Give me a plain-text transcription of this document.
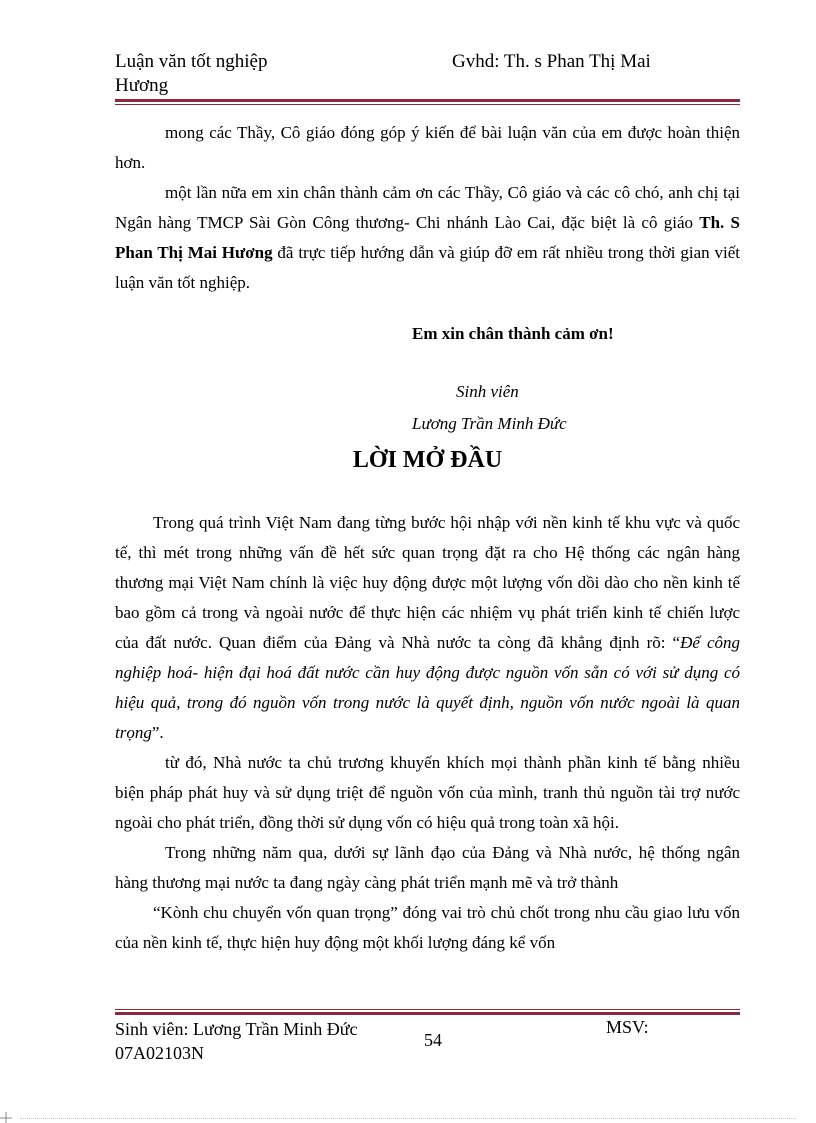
Luận văn tốt nghiệp
Hương
Gvhd: Th. s Phan Thị Mai

mong các Thầy, Cô giáo đóng góp ý kiến để bài luận văn của em được hoàn thiện hơn.

một lần nữa em xin chân thành cảm ơn các Thầy, Cô giáo và các cô chó, anh chị tại Ngân hàng TMCP Sài Gòn Công thương- Chi nhánh Lào Cai, đặc biệt là cô giáo Th. S Phan Thị Mai Hương đã trực tiếp hướng dẫn và giúp đỡ em rất nhiều trong thời gian viết luận văn tốt nghiệp.

Em xin chân thành cảm ơn!
Sinh viên
Lương Trần Minh Đức
LỜI MỞ ĐẦU

Trong quá trình Việt Nam đang từng bước hội nhập với nền kinh tế khu vực và quốc tế, thì mét trong những vấn đề hết sức quan trọng đặt ra cho Hệ thống các ngân hàng thương mại Việt Nam chính là việc huy động được một lượng vốn dồi dào cho nền kinh tế bao gồm cả trong và ngoài nước để thực hiện các nhiệm vụ phát triển kinh tế chiến lược của đất nước. Quan điểm của Đảng và Nhà nước ta còng đã khẳng định rõ: “Để công nghiệp hoá- hiện đại hoá đất nước cần huy động được nguồn vốn sẵn có với sử dụng có hiệu quả, trong đó nguồn vốn trong nước là quyết định, nguồn vốn nước ngoài là quan trọng”.

từ đó, Nhà nước ta chủ trương khuyến khích mọi thành phần kinh tế bằng nhiều biện pháp phát huy và sử dụng triệt để nguồn vốn của mình, tranh thủ nguồn tài trợ nước ngoài cho phát triển, đồng thời sử dụng vốn có hiệu quả trong toàn xã hội.

Trong những năm qua, dưới sự lãnh đạo của Đảng và Nhà nước, hệ thống ngân hàng thương mại nước ta đang ngày càng phát triển mạnh mẽ và trở thành

“Kònh chu chuyển vốn quan trọng” đóng vai trò chủ chốt trong nhu cầu giao lưu vốn của nền kinh tế, thực hiện huy động một khối lượng đáng kể vốn

Sinh viên: Lương Trần Minh Đức
07A02103N
54
MSV:
